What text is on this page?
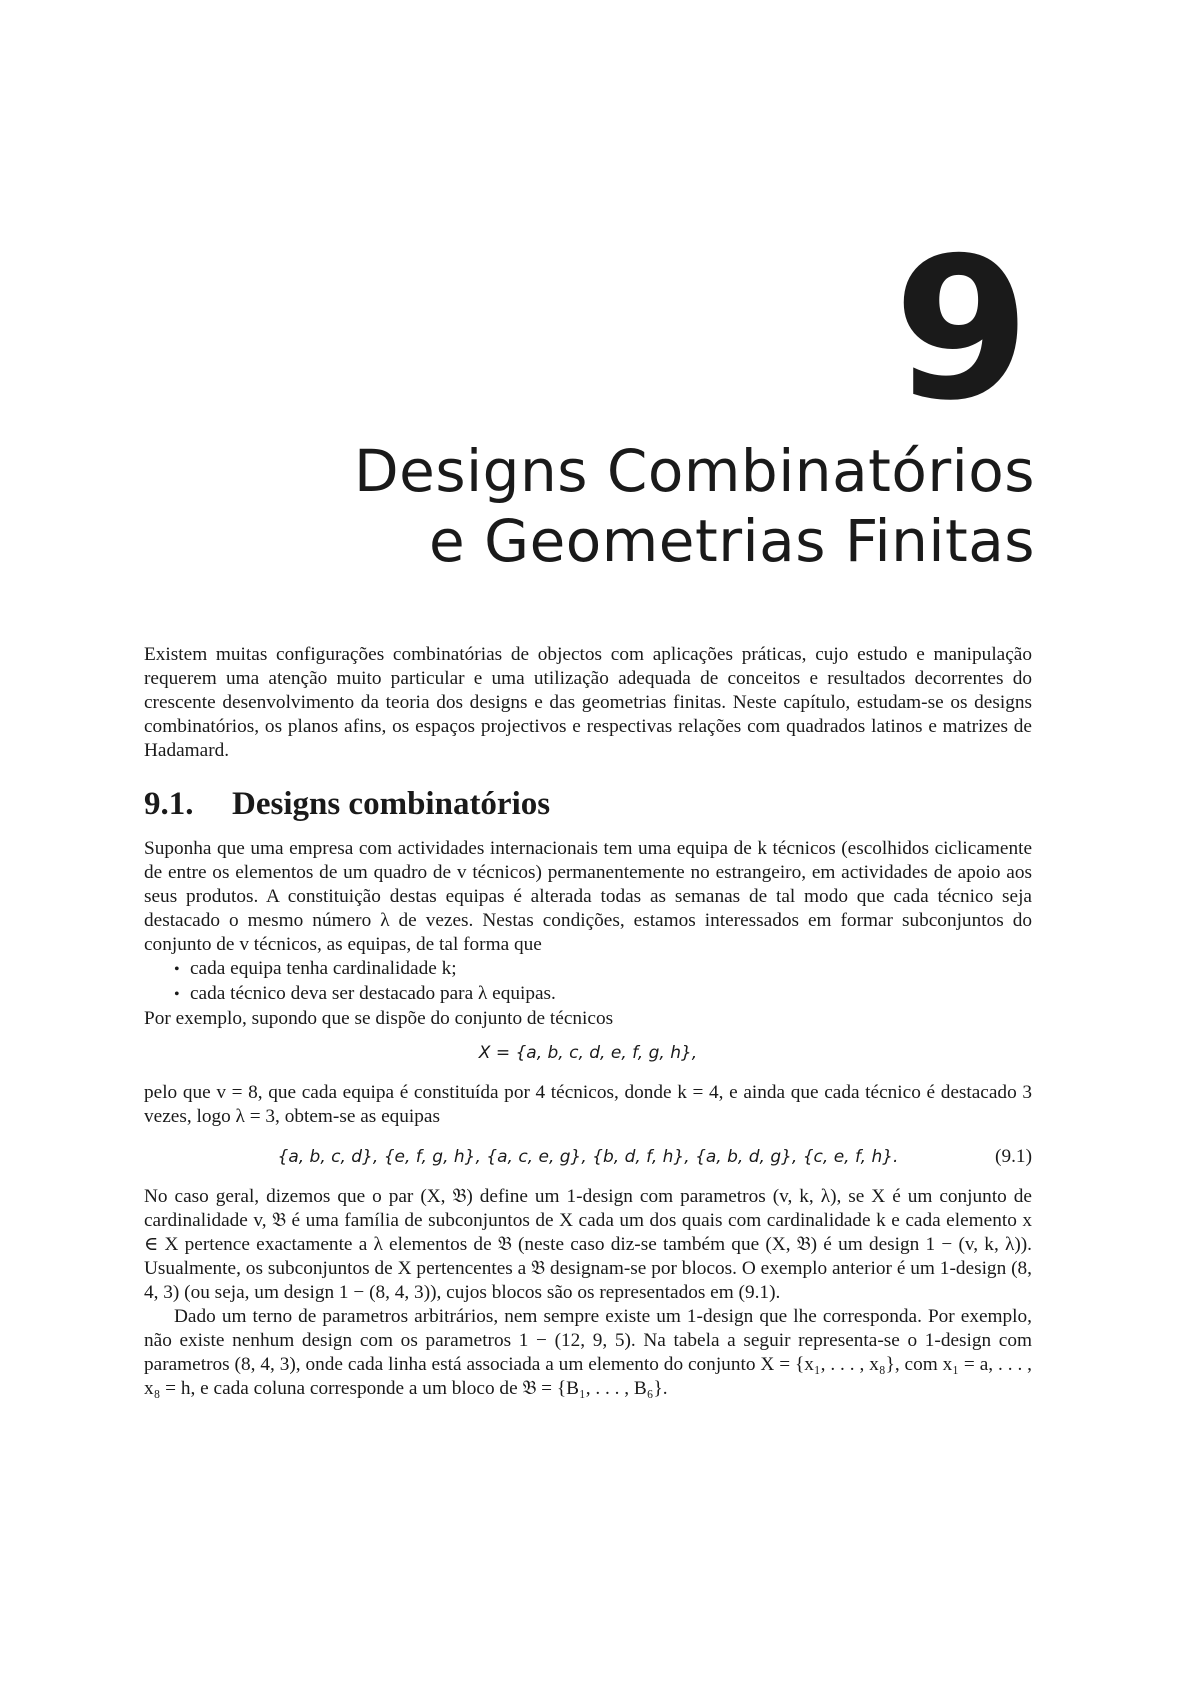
9
Designs Combinatórios
e Geometrias Finitas

Existem muitas configurações combinatórias de objectos com aplicações práticas, cujo estudo e manipulação requerem uma atenção muito particular e uma utilização adequada de conceitos e resultados decorrentes do crescente desenvolvimento da teoria dos designs e das geometrias finitas. Neste capítulo, estudam-se os designs combinatórios, os planos afins, os espaços projectivos e respectivas relações com quadrados latinos e matrizes de Hadamard.

9.1. Designs combinatórios

Suponha que uma empresa com actividades internacionais tem uma equipa de k técnicos (escolhidos ciclicamente de entre os elementos de um quadro de v técnicos) permanentemente no estrangeiro, em actividades de apoio aos seus produtos. A constituição destas equipas é alterada todas as semanas de tal modo que cada técnico seja destacado o mesmo número λ de vezes. Nestas condições, estamos interessados em formar subconjuntos do conjunto de v técnicos, as equipas, de tal forma que

• cada equipa tenha cardinalidade k;
• cada técnico deva ser destacado para λ equipas.

Por exemplo, supondo que se dispõe do conjunto de técnicos

X = {a, b, c, d, e, f, g, h},

pelo que v = 8, que cada equipa é constituída por 4 técnicos, donde k = 4, e ainda que cada técnico é destacado 3 vezes, logo λ = 3, obtem-se as equipas

{a, b, c, d}, {e, f, g, h}, {a, c, e, g}, {b, d, f, h}, {a, b, d, g}, {c, e, f, h}.	(9.1)

No caso geral, dizemos que o par (X, 𝔅) define um 1-design com parametros (v, k, λ), se X é um conjunto de cardinalidade v, 𝔅 é uma família de subconjuntos de X cada um dos quais com cardinalidade k e cada elemento x ∈ X pertence exactamente a λ elementos de 𝔅 (neste caso diz-se também que (X, 𝔅) é um design 1 − (v, k, λ)). Usualmente, os subconjuntos de X pertencentes a 𝔅 designam-se por blocos. O exemplo anterior é um 1-design (8, 4, 3) (ou seja, um design 1 − (8, 4, 3)), cujos blocos são os representados em (9.1).

Dado um terno de parametros arbitrários, nem sempre existe um 1-design que lhe corresponda. Por exemplo, não existe nenhum design com os parametros 1 − (12, 9, 5). Na tabela a seguir representa-se o 1-design com parametros (8, 4, 3), onde cada linha está associada a um elemento do conjunto X = {x₁, . . . , x₈}, com x₁ = a, . . . , x₈ = h, e cada coluna corresponde a um bloco de 𝔅 = {B₁, . . . , B₆}.
